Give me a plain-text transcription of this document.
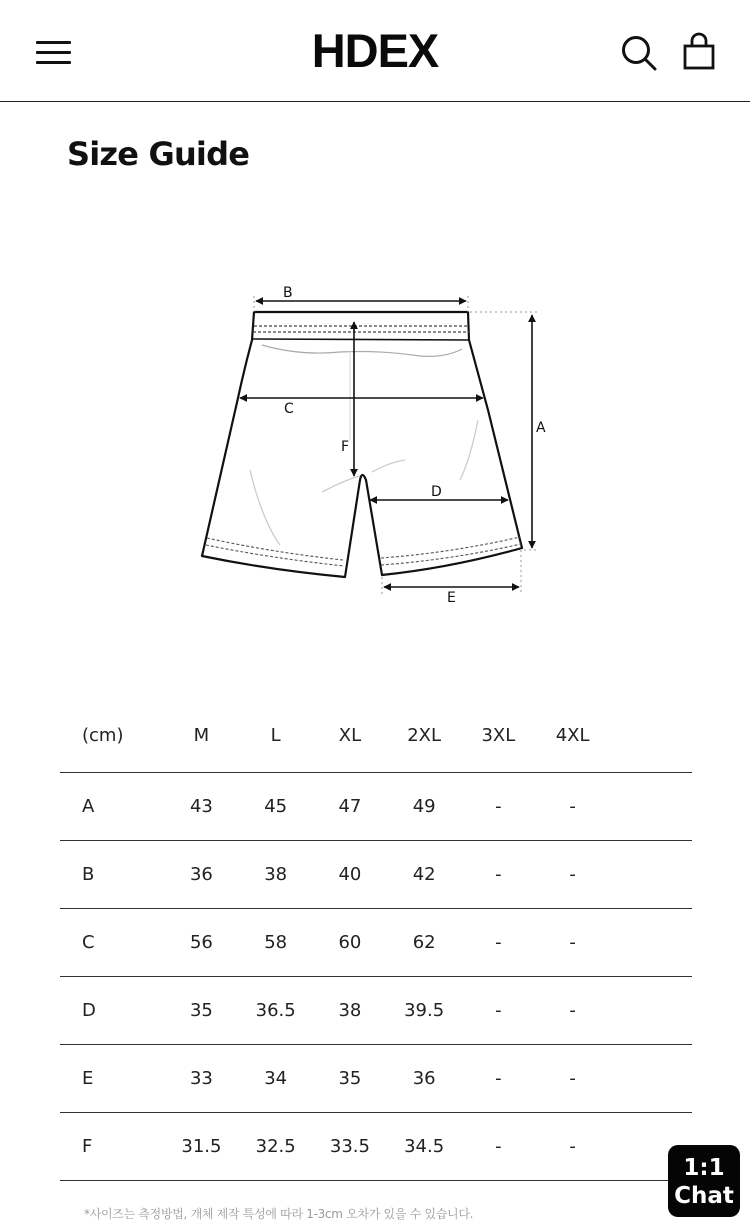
HDEX
Size Guide
B
C
F
D
A
E
(cm)	M	L	XL	2XL	3XL	4XL	
A	43	45	47	49	-	-	
B	36	38	40	42	-	-	
C	56	58	60	62	-	-	
D	35	36.5	38	39.5	-	-	
E	33	34	35	36	-	-	
F	31.5	32.5	33.5	34.5	-	-	
*사이즈는 측정방법, 개체 제작 특성에 따라 1-3cm 오차가 있을 수 있습니다.
1:1
Chat
